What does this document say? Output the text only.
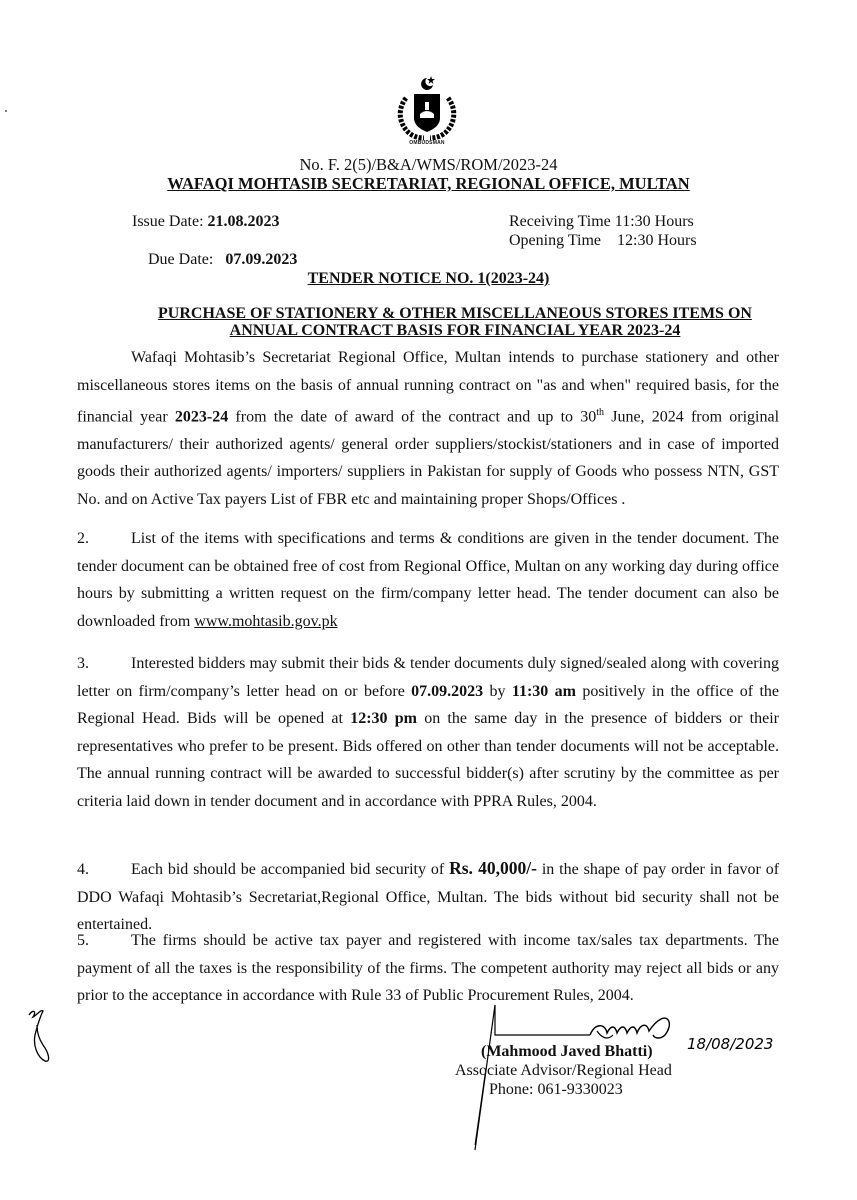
OMBUDSMAN
No. F. 2(5)/B&A/WMS/ROM/2023-24
WAFAQI MOHTASIB SECRETARIAT, REGIONAL OFFICE, MULTAN
Issue Date: 21.08.2023

Due Date:   07.09.2023

Receiving Time 11:30 Hours
Opening Time    12:30 Hours
TENDER NOTICE NO. 1(2023-24)
PURCHASE OF STATIONERY & OTHER MISCELLANEOUS STORES ITEMS ON ANNUAL CONTRACT BASIS FOR FINANCIAL YEAR 2023-24
Wafaqi Mohtasib’s Secretariat Regional Office, Multan intends to purchase stationery and other miscellaneous stores items on the basis of annual running contract on "as and when" required basis, for the financial year 2023-24 from the date of award of the contract and up to 30th June, 2024 from original manufacturers/ their authorized agents/ general order suppliers/stockist/stationers and in case of imported goods their authorized agents/ importers/ suppliers in Pakistan for supply of Goods who possess NTN, GST No. and on Active Tax payers List of FBR etc and maintaining proper Shops/Offices .
2.	List of the items with specifications and terms & conditions are given in the tender document. The tender document can be obtained free of cost from Regional Office, Multan on any working day during office hours by submitting a written request on the firm/company letter head. The tender document can also be downloaded from www.mohtasib.gov.pk
3.	Interested bidders may submit their bids & tender documents duly signed/sealed along with covering letter on firm/company’s letter head on or before 07.09.2023 by 11:30 am positively in the office of the Regional Head. Bids will be opened at 12:30 pm on the same day in the presence of bidders or their representatives who prefer to be present. Bids offered on other than tender documents will not be acceptable. The annual running contract will be awarded to successful bidder(s) after scrutiny by the committee as per criteria laid down in tender document and in accordance with PPRA Rules, 2004.
4.	Each bid should be accompanied bid security of Rs. 40,000/- in the shape of pay order in favor of DDO Wafaqi Mohtasib’s Secretariat,Regional Office, Multan. The bids without bid security shall not be entertained.
5.	The firms should be active tax payer and registered with income tax/sales tax departments. The payment of all the taxes is the responsibility of the firms. The competent authority may reject all bids or any prior to the acceptance in accordance with Rule 33 of Public Procurement Rules, 2004.
18/08/2023
(Mahmood Javed Bhatti)
Associate Advisor/Regional Head
Phone: 061-9330023
